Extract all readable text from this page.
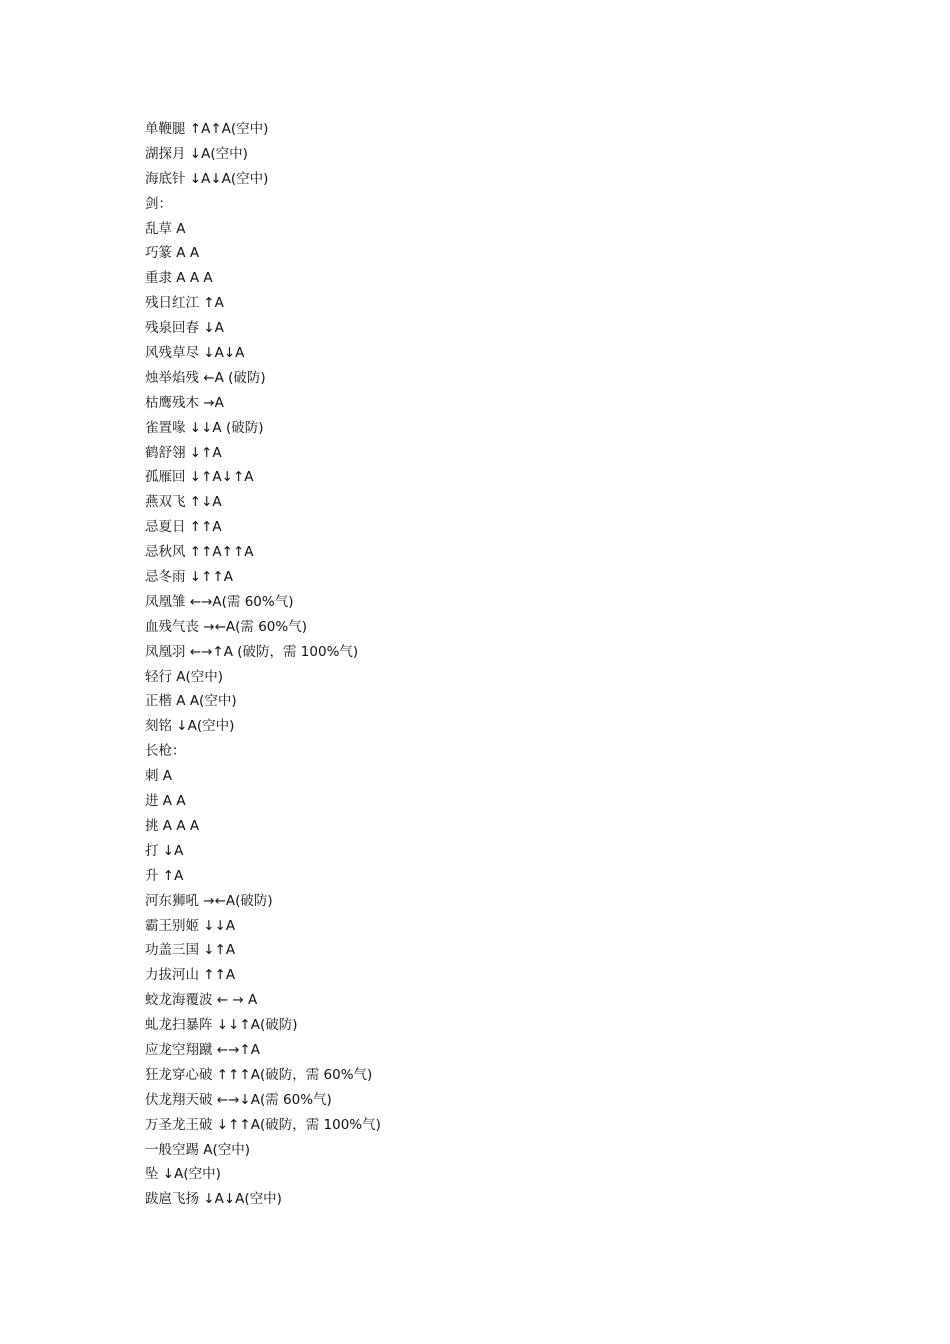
单鞭腿 ↑A↑A(空中)

湖探月 ↓A(空中)

海底针 ↓A↓A(空中)

剑：

乱草 A

巧篆 A A

重隶 A A A

残日红江 ↑A

残泉回春 ↓A

风残草尽 ↓A↓A

烛举焰残 ←A (破防)

枯鹰残木 →A

雀置喙 ↓↓A (破防)

鹤舒翎 ↓↑A

孤雁回 ↓↑A↓↑A

燕双飞 ↑↓A

忌夏日 ↑↑A

忌秋风 ↑↑A↑↑A

忌冬雨 ↓↑↑A

凤凰雏 ←→A(需 60%气)

血残气丧 →←A(需 60%气)

凤凰羽 ←→↑A (破防，需 100%气)

轻行 A(空中)

正楷 A A(空中)

刻铭 ↓A(空中)

长枪：

刺 A

进 A A

挑 A A A

打 ↓A

升 ↑A

河东狮吼 →←A(破防)

霸王别姬 ↓↓A

功盖三国 ↓↑A

力拔河山 ↑↑A

蛟龙海覆波 ← → A

虬龙扫暴阵 ↓↓↑A(破防)

应龙空翔蹴 ←→↑A

狂龙穿心破 ↑↑↑A(破防，需 60%气)

伏龙翔天破 ←→↓A(需 60%气)

万圣龙王破 ↓↑↑A(破防，需 100%气)

一般空踢 A(空中)

坠 ↓A(空中)

跋扈飞扬 ↓A↓A(空中)
